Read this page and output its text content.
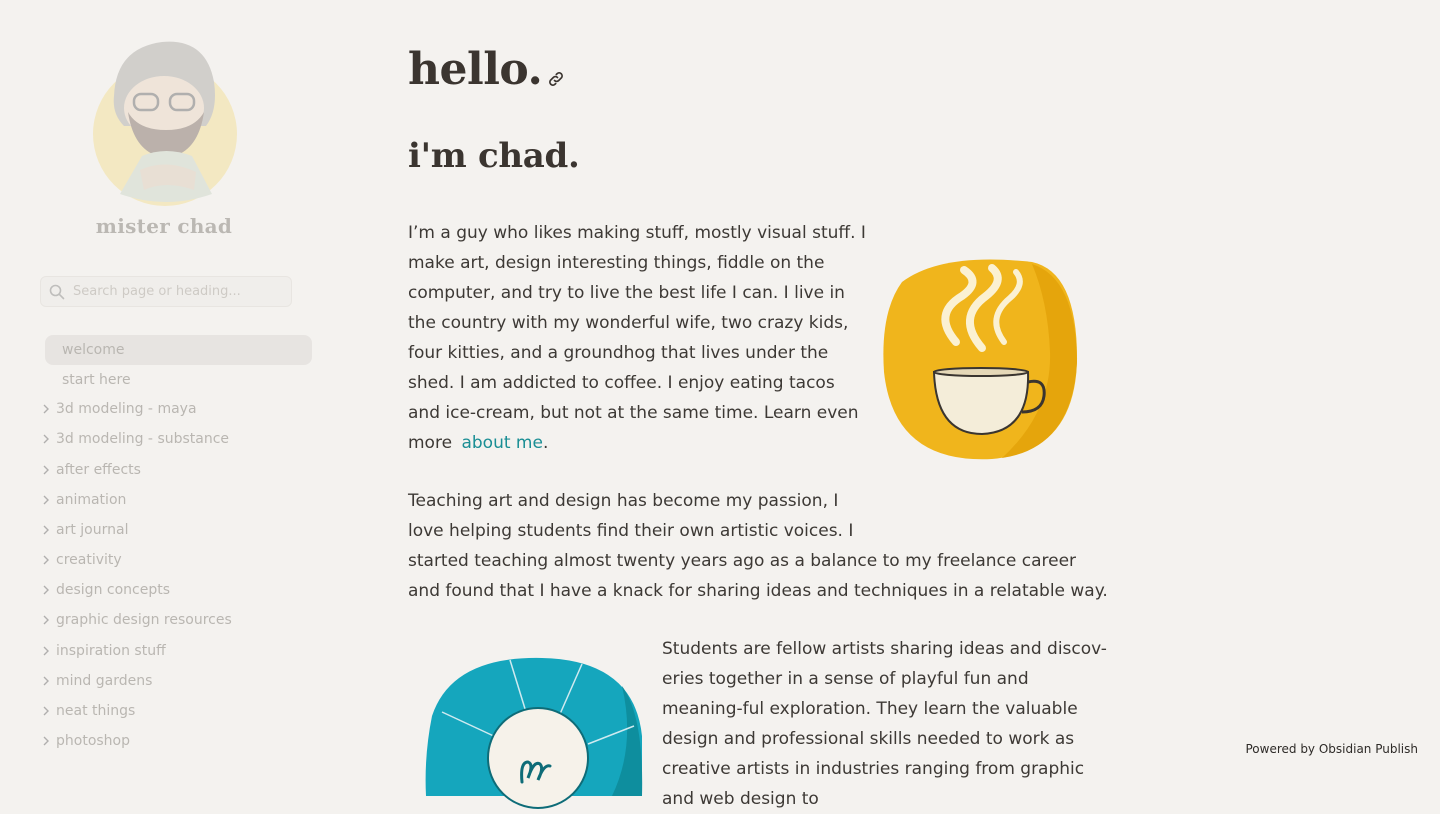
mister chad
Search page or heading...
welcome
start here
3d modeling - maya
3d modeling - substance
after effects
animation
art journal
creativity
design concepts
graphic design resources
inspiration stuff
mind gardens
neat things
photoshop
hello.
i'm chad.

I’m a guy who likes making stuff, mostly visual stuff. I make art, design interesting things, fiddle on the computer, and try to live the best life I can. I live in the country with my wonderful wife, two crazy kids, four kitties, and a groundhog that lives under the shed. I am addicted to coffee. I enjoy eating tacos and ice-cream, but not at the same time. Learn even more about me.

Teaching art and design has become my passion, I
love helping students find their own artistic voices. I
started teaching almost twenty years ago as a balance to my freelance career and found that I have a knack for sharing ideas and techniques in a relatable way.

Students are fellow artists sharing ideas and discov-eries together in a sense of playful fun and meaning-ful exploration. They learn the valuable design and professional skills needed to work as creative artists in industries ranging from graphic and web design to

Powered by Obsidian Publish
